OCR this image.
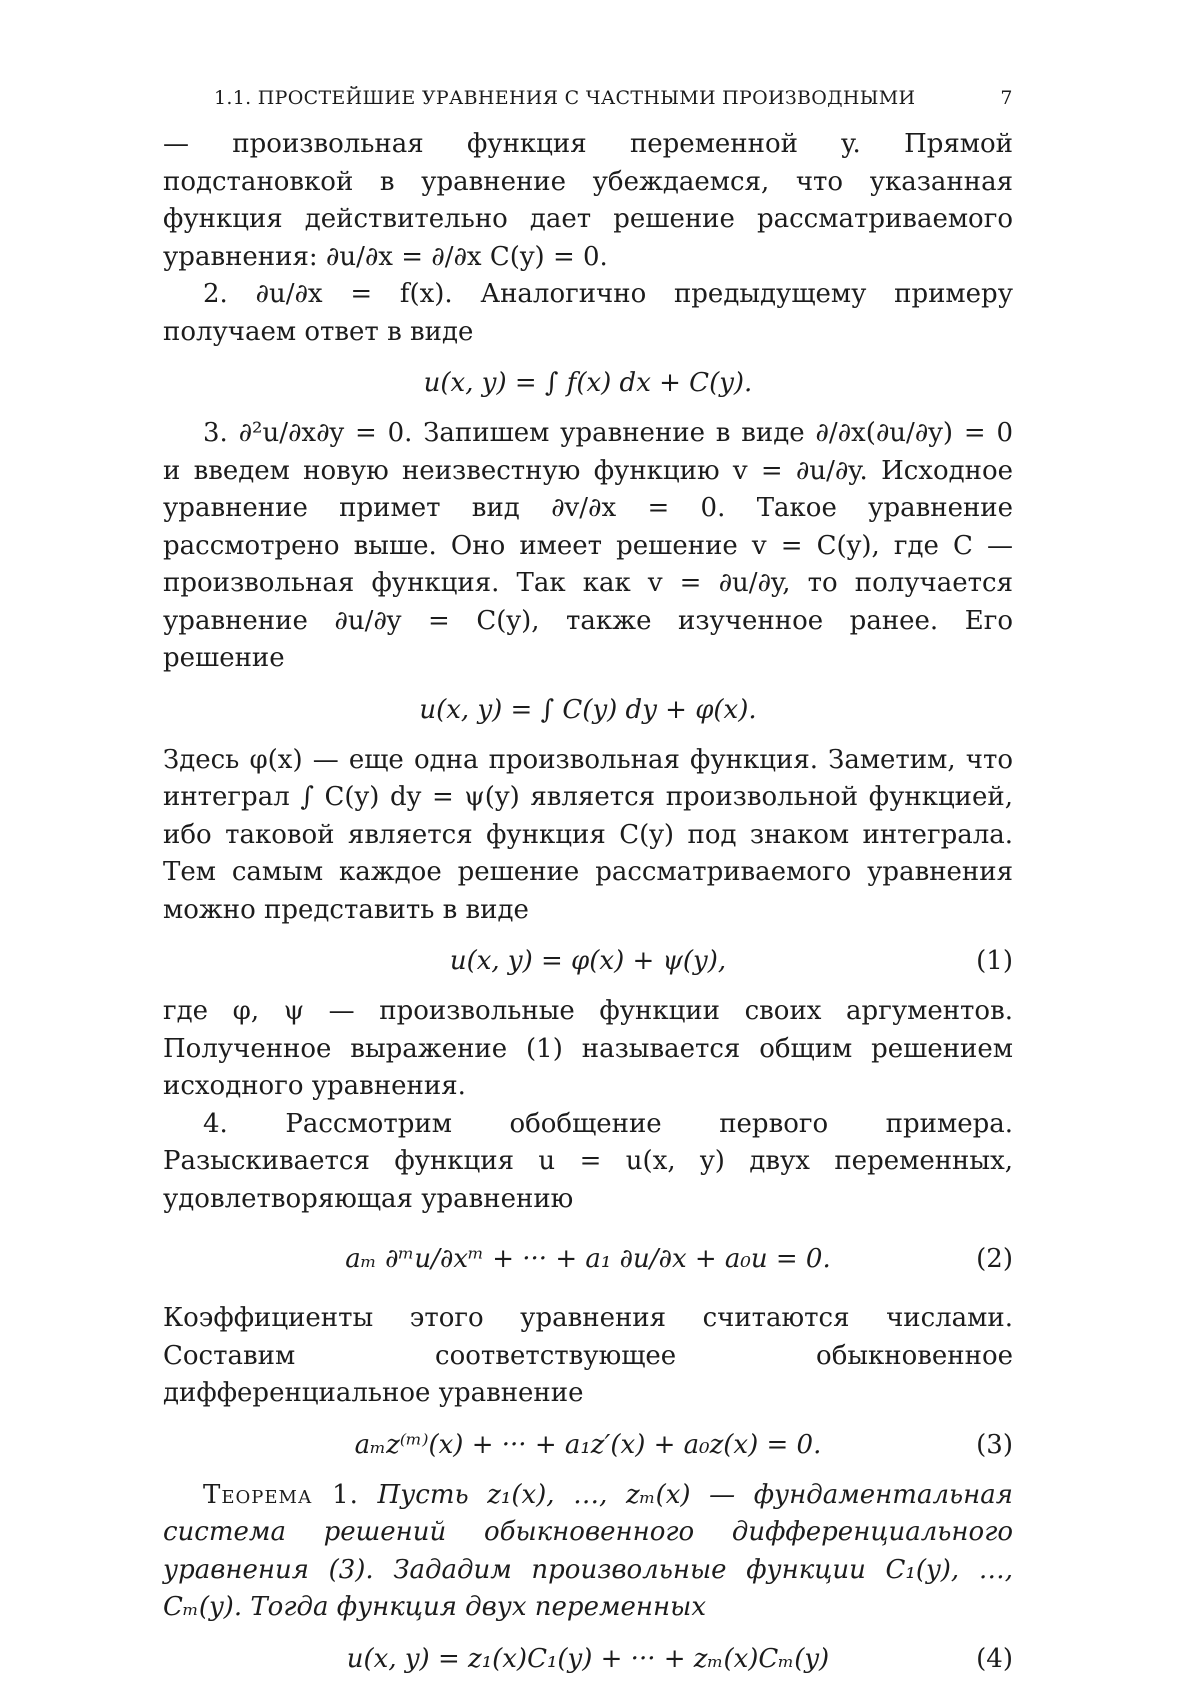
1.1. ПРОСТЕЙШИЕ УРАВНЕНИЯ С ЧАСТНЫМИ ПРОИЗВОДНЫМИ	7

— произвольная функция переменной y. Прямой подстановкой в уравнение убеждаемся, что указанная функция действительно дает решение рассматриваемого уравнения: ∂u/∂x = ∂/∂x C(y) = 0.

2. ∂u/∂x = f(x). Аналогично предыдущему примеру получаем ответ в виде

u(x, y) = ∫ f(x) dx + C(y).

3. ∂²u/∂x∂y = 0. Запишем уравнение в виде ∂/∂x(∂u/∂y) = 0 и введем новую неизвестную функцию v = ∂u/∂y. Исходное уравнение примет вид ∂v/∂x = 0. Такое уравнение рассмотрено выше. Оно имеет решение v = C(y), где C — произвольная функция. Так как v = ∂u/∂y, то получается уравнение ∂u/∂y = C(y), также изученное ранее. Его решение

u(x, y) = ∫ C(y) dy + φ(x).

Здесь φ(x) — еще одна произвольная функция. Заметим, что интеграл ∫ C(y) dy = ψ(y) является произвольной функцией, ибо таковой является функция C(y) под знаком интеграла. Тем самым каждое решение рассматриваемого уравнения можно представить в виде

u(x, y) = φ(x) + ψ(y),	(1)

где φ, ψ — произвольные функции своих аргументов. Полученное выражение (1) называется общим решением исходного уравнения.

4. Рассмотрим обобщение первого примера. Разыскивается функция u = u(x, y) двух переменных, удовлетворяющая уравнению

aₘ ∂ᵐu/∂xᵐ + ··· + a₁ ∂u/∂x + a₀u = 0.	(2)

Коэффициенты этого уравнения считаются числами. Составим соответствующее обыкновенное дифференциальное уравнение

aₘz⁽ᵐ⁾(x) + ··· + a₁z′(x) + a₀z(x) = 0.	(3)

Теорема 1. Пусть z₁(x), …, zₘ(x) — фундаментальная система решений обыкновенного дифференциального уравнения (3). Зададим произвольные функции C₁(y), …, Cₘ(y). Тогда функция двух переменных

u(x, y) = z₁(x)C₁(y) + ··· + zₘ(x)Cₘ(y)	(4)
